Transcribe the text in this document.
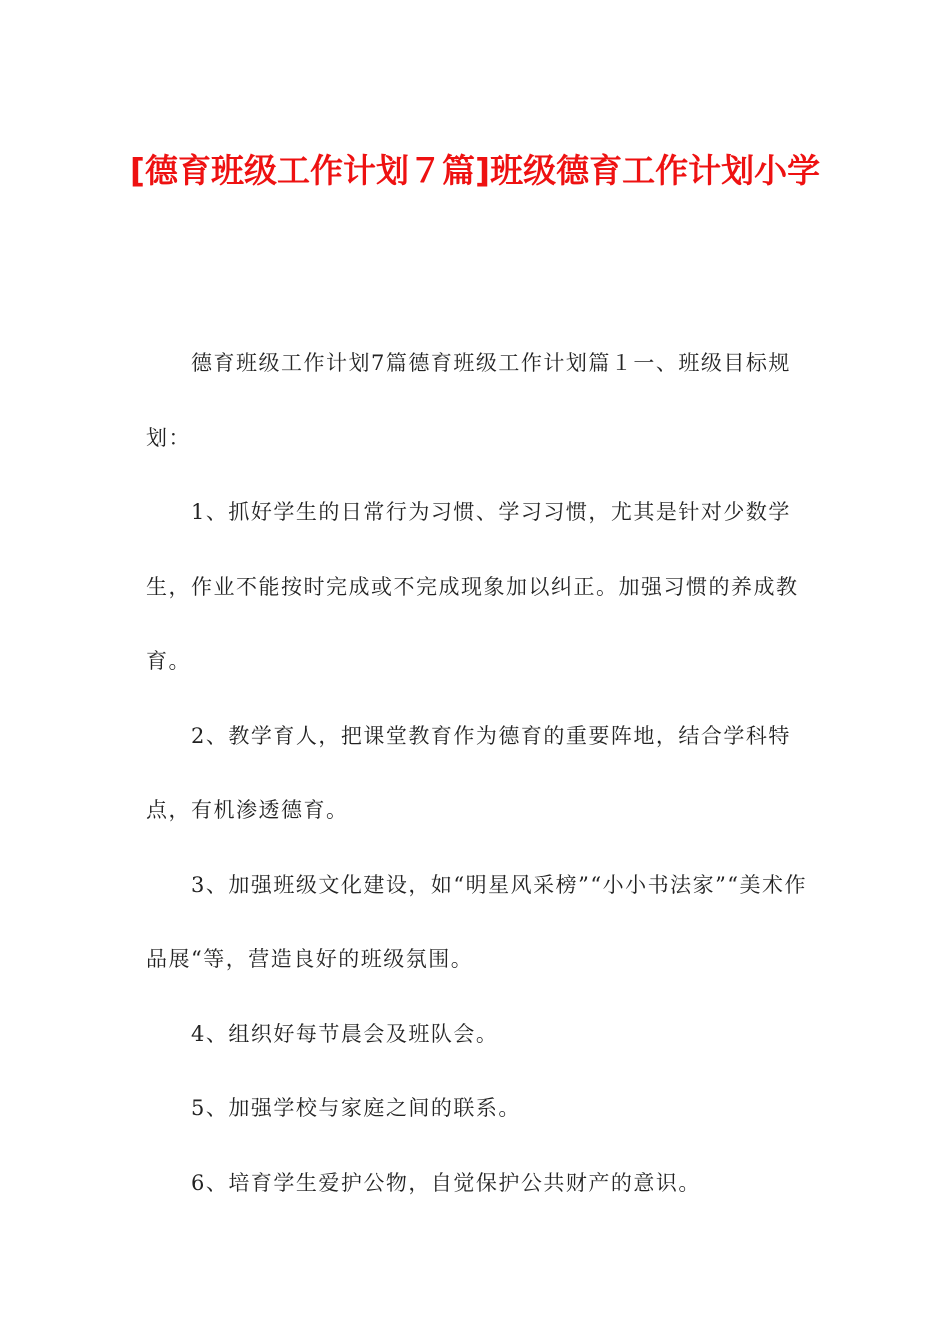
[德育班级工作计划７篇]班级德育工作计划小学

德育班级工作计划7篇德育班级工作计划篇１一、班级目标规划：

1、抓好学生的日常行为习惯、学习习惯，尤其是针对少数学生，作业不能按时完成或不完成现象加以纠正。加强习惯的养成教育。

2、教学育人，把课堂教育作为德育的重要阵地，结合学科特点，有机渗透德育。

3、加强班级文化建设，如“明星风采榜”“小小书法家”“美术作品展“等，营造良好的班级氛围。

4、组织好每节晨会及班队会。

5、加强学校与家庭之间的联系。

6、培育学生爱护公物，自觉保护公共财产的意识。
